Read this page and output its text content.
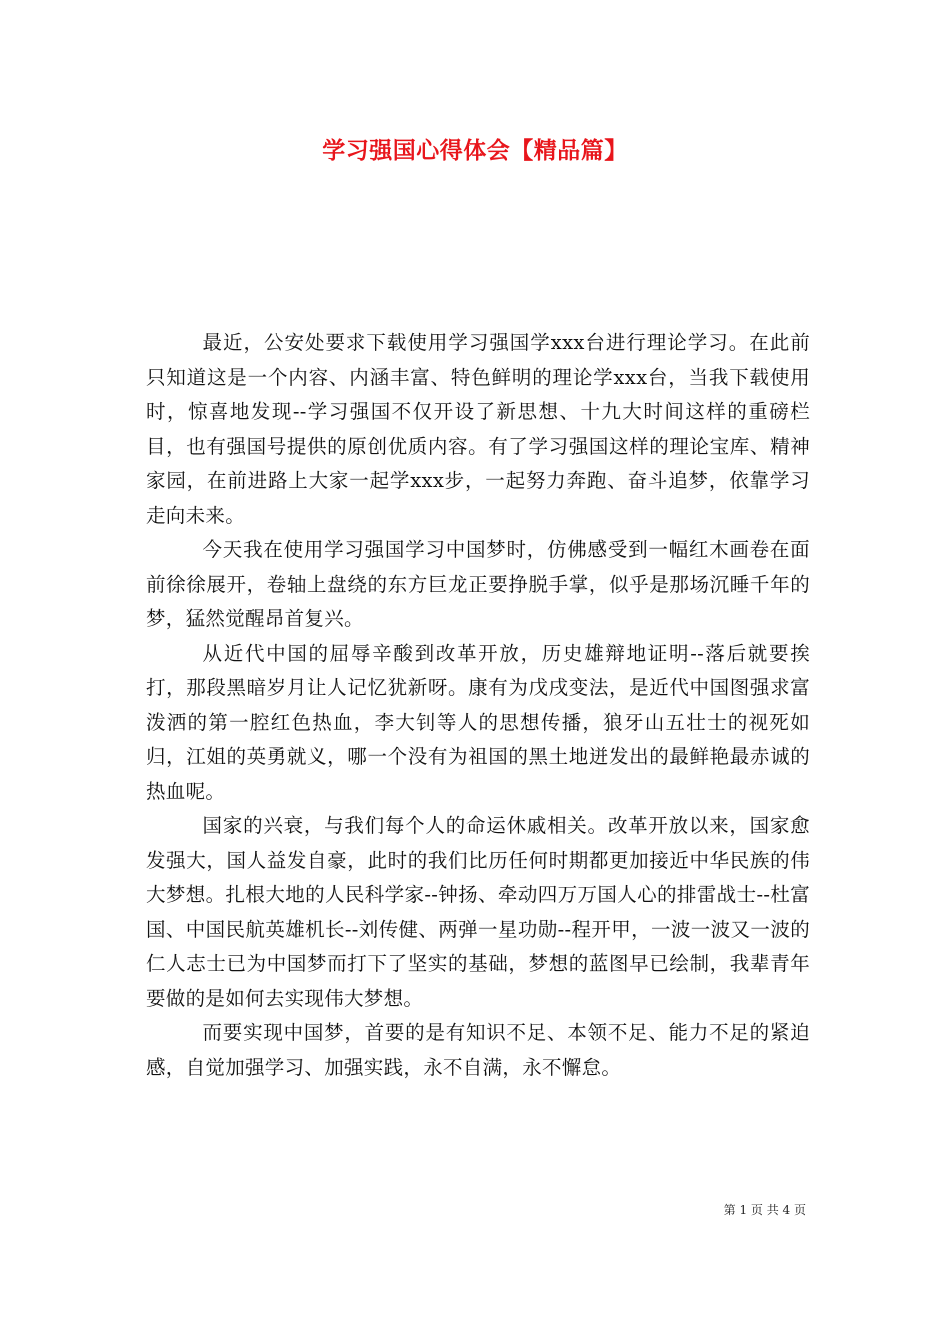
学习强国心得体会【精品篇】

最近，公安处要求下载使用学习强国学xxx台进行理论学习。在此前只知道这是一个内容、内涵丰富、特色鲜明的理论学xxx台，当我下载使用时，惊喜地发现--学习强国不仅开设了新思想、十九大时间这样的重磅栏目，也有强国号提供的原创优质内容。有了学习强国这样的理论宝库、精神家园，在前进路上大家一起学xxx步，一起努力奔跑、奋斗追梦，依靠学习走向未来。

今天我在使用学习强国学习中国梦时，仿佛感受到一幅红木画卷在面前徐徐展开，卷轴上盘绕的东方巨龙正要挣脱手掌，似乎是那场沉睡千年的梦，猛然觉醒昂首复兴。

从近代中国的屈辱辛酸到改革开放，历史雄辩地证明--落后就要挨打，那段黑暗岁月让人记忆犹新呀。康有为戊戌变法，是近代中国图强求富泼洒的第一腔红色热血，李大钊等人的思想传播，狼牙山五壮士的视死如归，江姐的英勇就义，哪一个没有为祖国的黑土地迸发出的最鲜艳最赤诚的热血呢。

国家的兴衰，与我们每个人的命运休戚相关。改革开放以来，国家愈发强大，国人益发自豪，此时的我们比历任何时期都更加接近中华民族的伟大梦想。扎根大地的人民科学家--钟扬、牵动四万万国人心的排雷战士--杜富国、中国民航英雄机长--刘传健、两弹一星功勋--程开甲，一波一波又一波的仁人志士已为中国梦而打下了坚实的基础，梦想的蓝图早已绘制，我辈青年要做的是如何去实现伟大梦想。

而要实现中国梦，首要的是有知识不足、本领不足、能力不足的紧迫感，自觉加强学习、加强实践，永不自满，永不懈怠。

第 1 页 共 4 页
